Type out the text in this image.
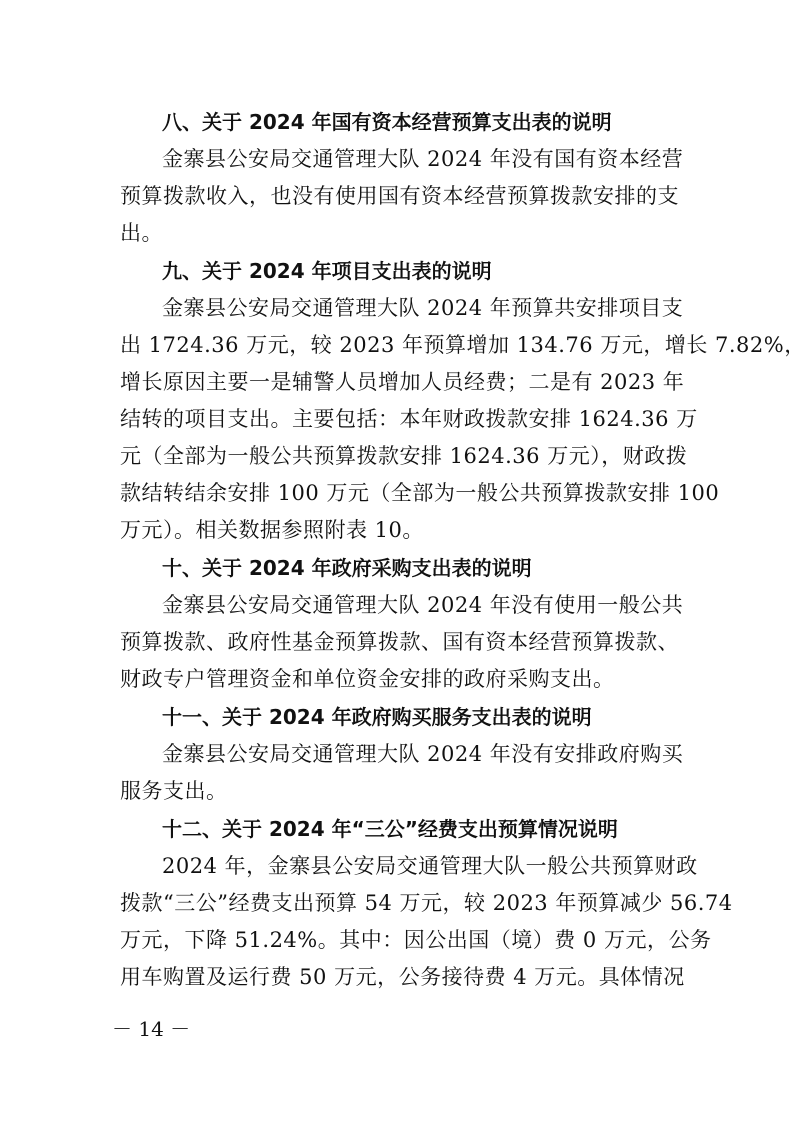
八、关于 2024 年国有资本经营预算支出表的说明
金寨县公安局交通管理大队 2024 年没有国有资本经营
预算拨款收入，也没有使用国有资本经营预算拨款安排的支
出。
九、关于 2024 年项目支出表的说明
金寨县公安局交通管理大队 2024 年预算共安排项目支
出 1724.36 万元，较 2023 年预算增加 134.76 万元，增长 7.82%，
增长原因主要一是辅警人员增加人员经费；二是有 2023 年
结转的项目支出。主要包括：本年财政拨款安排 1624.36 万
元（全部为一般公共预算拨款安排 1624.36 万元），财政拨
款结转结余安排 100 万元（全部为一般公共预算拨款安排 100
万元）。相关数据参照附表 10。
十、关于 2024 年政府采购支出表的说明
金寨县公安局交通管理大队 2024 年没有使用一般公共
预算拨款、政府性基金预算拨款、国有资本经营预算拨款、
财政专户管理资金和单位资金安排的政府采购支出。
十一、关于 2024 年政府购买服务支出表的说明
金寨县公安局交通管理大队 2024 年没有安排政府购买
服务支出。
十二、关于 2024 年“三公”经费支出预算情况说明
2024 年，金寨县公安局交通管理大队一般公共预算财政
拨款“三公”经费支出预算 54 万元，较 2023 年预算减少 56.74
万元，下降 51.24%。其中：因公出国（境）费 0 万元，公务
用车购置及运行费 50 万元，公务接待费 4 万元。具体情况
－ 14 －
